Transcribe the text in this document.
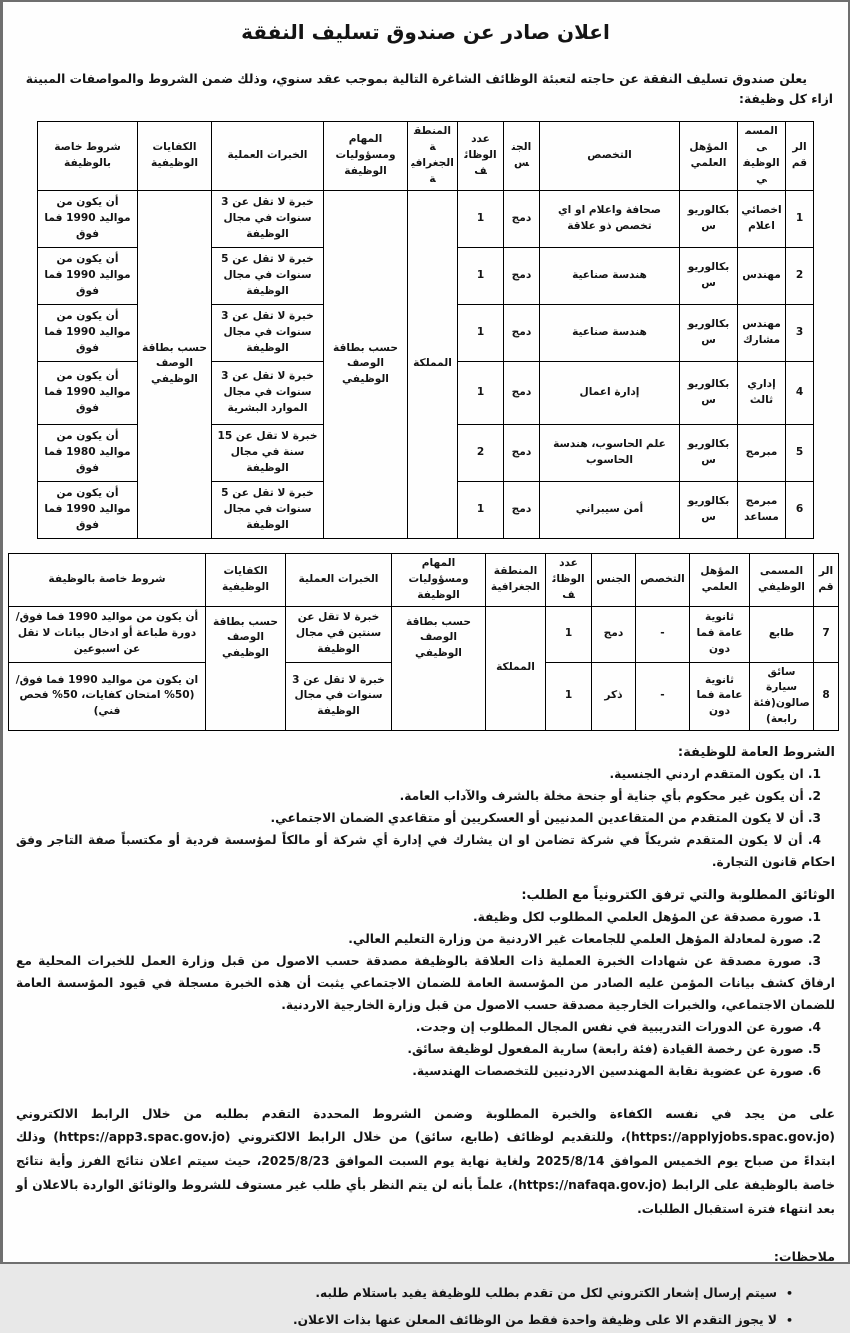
اعلان صادر عن صندوق تسليف النفقة
يعلن صندوق تسليف النفقة عن حاجته لتعبئة الوظائف الشاغرة التالية بموجب عقد سنوي، وذلك ضمن الشروط والمواصفات المبينة ازاء كل وظيفة:
الرقم	المسمى الوظيفي	المؤهل العلمي	التخصص	الجنس	عدد الوظائف	المنطقة الجغرافية	المهام ومسؤوليات الوظيفة	الخبرات العملية	الكفايات الوظيفية	شروط خاصة بالوظيفة
1	اخصائي اعلام	بكالوريوس	صحافة واعلام او اي تخصص ذو علاقة	دمج	1	المملكة	حسب بطاقة الوصف الوظيفي	خبرة لا تقل عن 3 سنوات في مجال الوظيفة	حسب بطاقة الوصف الوظيفي	أن يكون من مواليد 1990 فما فوق
2	مهندس	بكالوريوس	هندسة صناعية	دمج	1			خبرة لا تقل عن 5 سنوات في مجال الوظيفة		أن يكون من مواليد 1990 فما فوق
3	مهندس مشارك	بكالوريوس	هندسة صناعية	دمج	1			خبرة لا تقل عن 3 سنوات في مجال الوظيفة		أن يكون من مواليد 1990 فما فوق
4	إداري ثالث	بكالوريوس	إدارة اعمال	دمج	1			خبرة لا تقل عن 3 سنوات في مجال الموارد البشرية		أن يكون من مواليد 1990 فما فوق
5	مبرمج	بكالوريوس	علم الحاسوب، هندسة الحاسوب	دمج	2			خبرة لا تقل عن 15 سنة في مجال الوظيفة		أن يكون من مواليد 1980 فما فوق
6	مبرمج مساعد	بكالوريوس	أمن سيبراني	دمج	1			خبرة لا تقل عن 5 سنوات في مجال الوظيفة		أن يكون من مواليد 1990 فما فوق
الرقم	المسمى الوظيفي	المؤهل العلمي	التخصص	الجنس	عدد الوظائف	المنطقة الجغرافية	المهام ومسؤوليات الوظيفة	الخبرات العملية	الكفايات الوظيفية	شروط خاصة بالوظيفة
7	طابع	ثانوية عامة فما دون	-	دمج	1	المملكة	حسب بطاقة الوصف الوظيفي	خبرة لا تقل عن سنتين في مجال الوظيفة	حسب بطاقة الوصف الوظيفي	أن يكون من مواليد 1990 فما فوق/ دورة طباعة أو ادخال بيانات لا تقل عن اسبوعين
8	سائق سيارة صالون(فئة رابعة)	ثانوية عامة فما دون	-	ذكر	1			خبرة لا تقل عن 3 سنوات في مجال الوظيفة		ان يكون من مواليد 1990 فما فوق/ (50% امتحان كفايات، 50% فحص فني)
الشروط العامة للوظيفة:
1. ان يكون المتقدم اردني الجنسية.
2. أن يكون غير محكوم بأي جناية أو جنحة مخلة بالشرف والآداب العامة.
3. أن لا يكون المتقدم من المتقاعدين المدنيين أو العسكريين أو متقاعدي الضمان الاجتماعي.
4. أن لا يكون المتقدم شريكاً في شركة تضامن او ان يشارك في إدارة أي شركة أو مالكاً لمؤسسة فردية أو مكتسباً صفة التاجر وفق احكام قانون التجارة.
الوثائق المطلوبة والتي ترفق الكترونياً مع الطلب:
1. صورة مصدقة عن المؤهل العلمي المطلوب لكل وظيفة.
2. صورة لمعادلة المؤهل العلمي للجامعات غير الاردنية من وزارة التعليم العالي.
3. صورة مصدقة عن شهادات الخبرة العملية ذات العلاقة بالوظيفة مصدقة حسب الاصول من قبل وزارة العمل للخبرات المحلية مع ارفاق كشف بيانات المؤمن عليه الصادر من المؤسسة العامة للضمان الاجتماعي يثبت أن هذه الخبرة مسجلة في قيود المؤسسة العامة للضمان الاجتماعي، والخبرات الخارجية مصدقة حسب الاصول من قبل وزارة الخارجية الاردنية.
4. صورة عن الدورات التدريبية في نفس المجال المطلوب إن وجدت.
5. صورة عن رخصة القيادة (فئة رابعة) سارية المفعول لوظيفة سائق.
6. صورة عن عضوية نقابة المهندسين الاردنيين للتخصصات الهندسية.
على من يجد في نفسه الكفاءة والخبرة المطلوبة وضمن الشروط المحددة التقدم بطلبه من خلال الرابط الالكتروني (https://applyjobs.spac.gov.jo)، وللتقديم لوظائف (طابع، سائق) من خلال الرابط الالكتروني (https://app3.spac.gov.jo) وذلك ابتداءً من صباح يوم الخميس الموافق 2025/8/14 ولغاية نهاية يوم السبت الموافق 2025/8/23، حيث سيتم اعلان نتائج الفرز وأية نتائج خاصة بالوظيفة على الرابط (https://nafaqa.gov.jo)، علماً بأنه لن يتم النظر بأي طلب غير مستوف للشروط والوثائق الواردة بالاعلان أو بعد انتهاء فترة استقبال الطلبات.
ملاحظات:
•سيتم إرسال إشعار الكتروني لكل من تقدم بطلب للوظيفة يفيد باستلام طلبه.
•لا يجوز التقدم الا على وظيفة واحدة فقط من الوظائف المعلن عنها بذات الاعلان.
